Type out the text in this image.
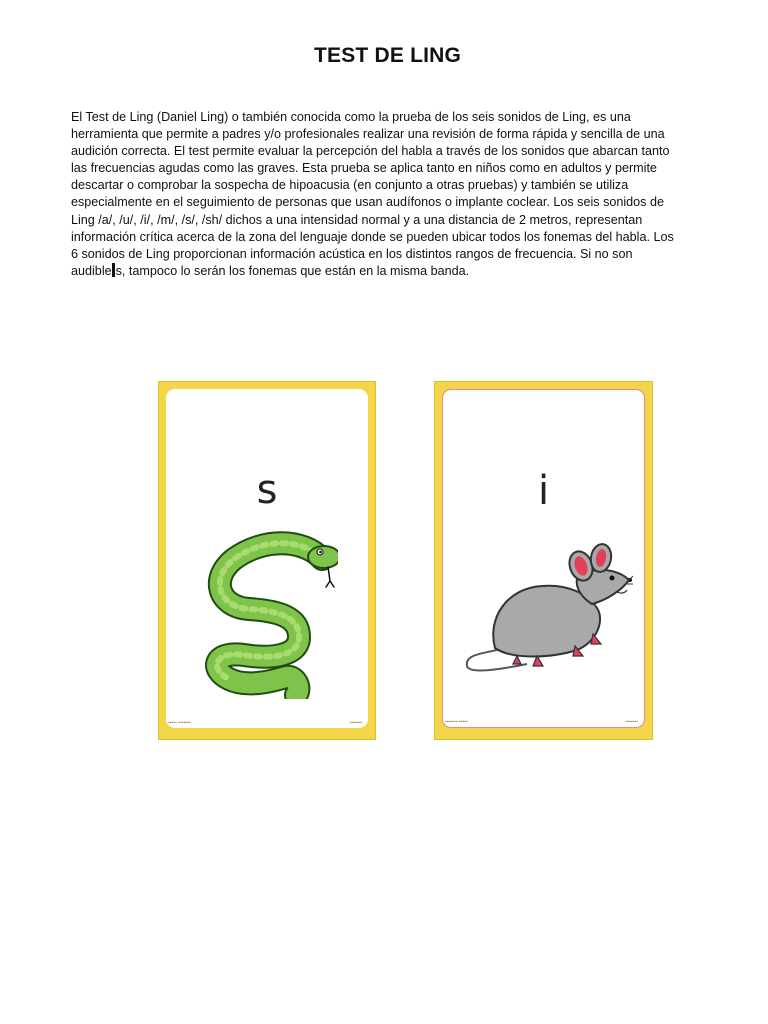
TEST DE LING
El Test de Ling (Daniel Ling) o también conocida como la prueba de los seis sonidos de Ling, es una
herramienta que permite a padres y/o profesionales realizar una revisión de forma rápida y sencilla de una
audición correcta. El test permite evaluar la percepción del habla a través de los sonidos que abarcan tanto
las frecuencias agudas como las graves. Esta prueba se aplica tanto en niños como en adultos y permite
descartar o comprobar la sospecha de hipoacusia (en conjunto a otras pruebas) y también se utiliza
especialmente en el seguimiento de personas que usan audífonos o implante coclear. Los seis sonidos de
Ling /a/, /u/, /i/, /m/, /s/, /sh/ dichos a una intensidad normal y a una distancia de 2 metros, representan
información crítica acerca de la zona del lenguaje donde se pueden ubicar todos los fonemas del habla. Los
6 sonidos de Ling proporcionan información acústica en los distintos rangos de frecuencia. Si no son
audible s, tampoco lo serán los fonemas que están en la misma banda.
s
▪▪▪▪▪ ▪▪▪▪▪▪▪	▪▪▪▪▪▪▪
i
▪▪▪▪▪▪▪ ▪▪▪▪▪	▪▪▪▪▪▪▪
